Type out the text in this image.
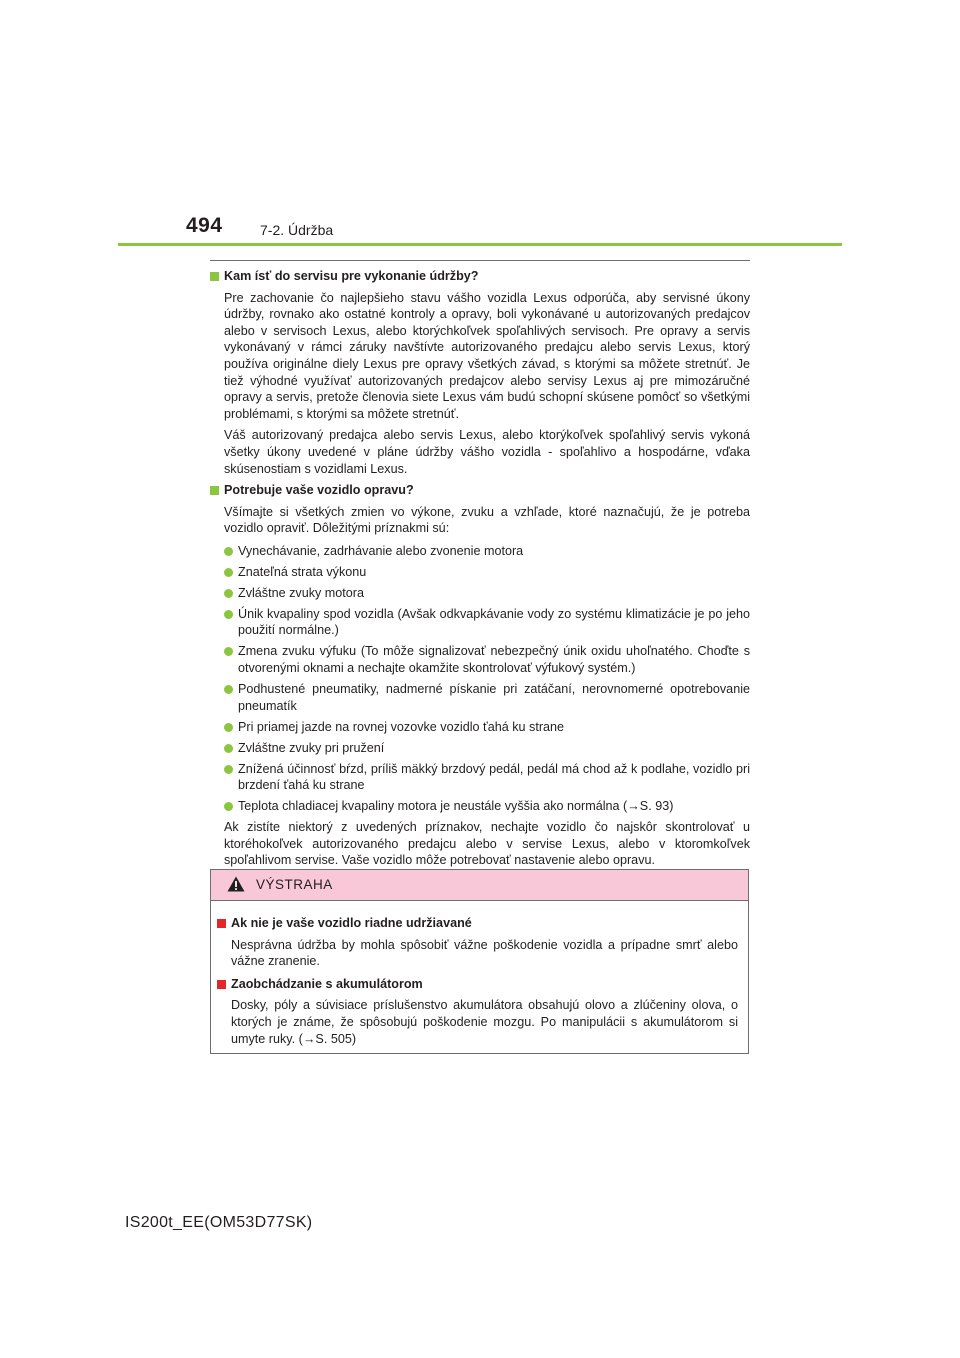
494	7-2. Údržba

Kam ísť do servisu pre vykonanie údržby?

Pre zachovanie čo najlepšieho stavu vášho vozidla Lexus odporúča, aby servisné úkony údržby, rovnako ako ostatné kontroly a opravy, boli vykonávané u autorizovaných predajcov alebo v servisoch Lexus, alebo ktorýchkoľvek spoľahlivých servisoch. Pre opravy a servis vykonávaný v rámci záruky navštívte autorizovaného predajcu alebo servis Lexus, ktorý používa originálne diely Lexus pre opravy všetkých závad, s ktorými sa môžete stretnúť. Je tiež výhodné využívať autorizovaných predajcov alebo servisy Lexus aj pre mimozáručné opravy a servis, pretože členovia siete Lexus vám budú schopní skúsene pomôcť so všetkými problémami, s ktorými sa môžete stretnúť.

Váš autorizovaný predajca alebo servis Lexus, alebo ktorýkoľvek spoľahlivý servis vykoná všetky úkony uvedené v pláne údržby vášho vozidla - spoľahlivo a hospodárne, vďaka skúsenostiam s vozidlami Lexus.

Potrebuje vaše vozidlo opravu?

Všímajte si všetkých zmien vo výkone, zvuku a vzhľade, ktoré naznačujú, že je potreba vozidlo opraviť. Dôležitými príznakmi sú:

Vynechávanie, zadrhávanie alebo zvonenie motora
Znateľná strata výkonu
Zvláštne zvuky motora
Únik kvapaliny spod vozidla (Avšak odkvapkávanie vody zo systému klimatizácie je po jeho použití normálne.)
Zmena zvuku výfuku (To môže signalizovať nebezpečný únik oxidu uhoľnatého. Choďte s otvorenými oknami a nechajte okamžite skontrolovať výfukový systém.)
Podhustené pneumatiky, nadmerné pískanie pri zatáčaní, nerovnomerné opotrebovanie pneumatík
Pri priamej jazde na rovnej vozovke vozidlo ťahá ku strane
Zvláštne zvuky pri pružení
Znížená účinnosť bŕzd, príliš mäkký brzdový pedál, pedál má chod až k podlahe, vozidlo pri brzdení ťahá ku strane
Teplota chladiacej kvapaliny motora je neustále vyššia ako normálna (→S. 93)

Ak zistíte niektorý z uvedených príznakov, nechajte vozidlo čo najskôr skontrolovať u ktoréhokoľvek autorizovaného predajcu alebo v servise Lexus, alebo v ktoromkoľvek spoľahlivom servise. Vaše vozidlo môže potrebovať nastavenie alebo opravu.

VÝSTRAHA

Ak nie je vaše vozidlo riadne udržiavané

Nesprávna údržba by mohla spôsobiť vážne poškodenie vozidla a prípadne smrť alebo vážne zranenie.

Zaobchádzanie s akumulátorom

Dosky, póly a súvisiace príslušenstvo akumulátora obsahujú olovo a zlúčeniny olova, o ktorých je známe, že spôsobujú poškodenie mozgu. Po manipulácii s akumulátorom si umyte ruky. (→S. 505)

IS200t_EE(OM53D77SK)
